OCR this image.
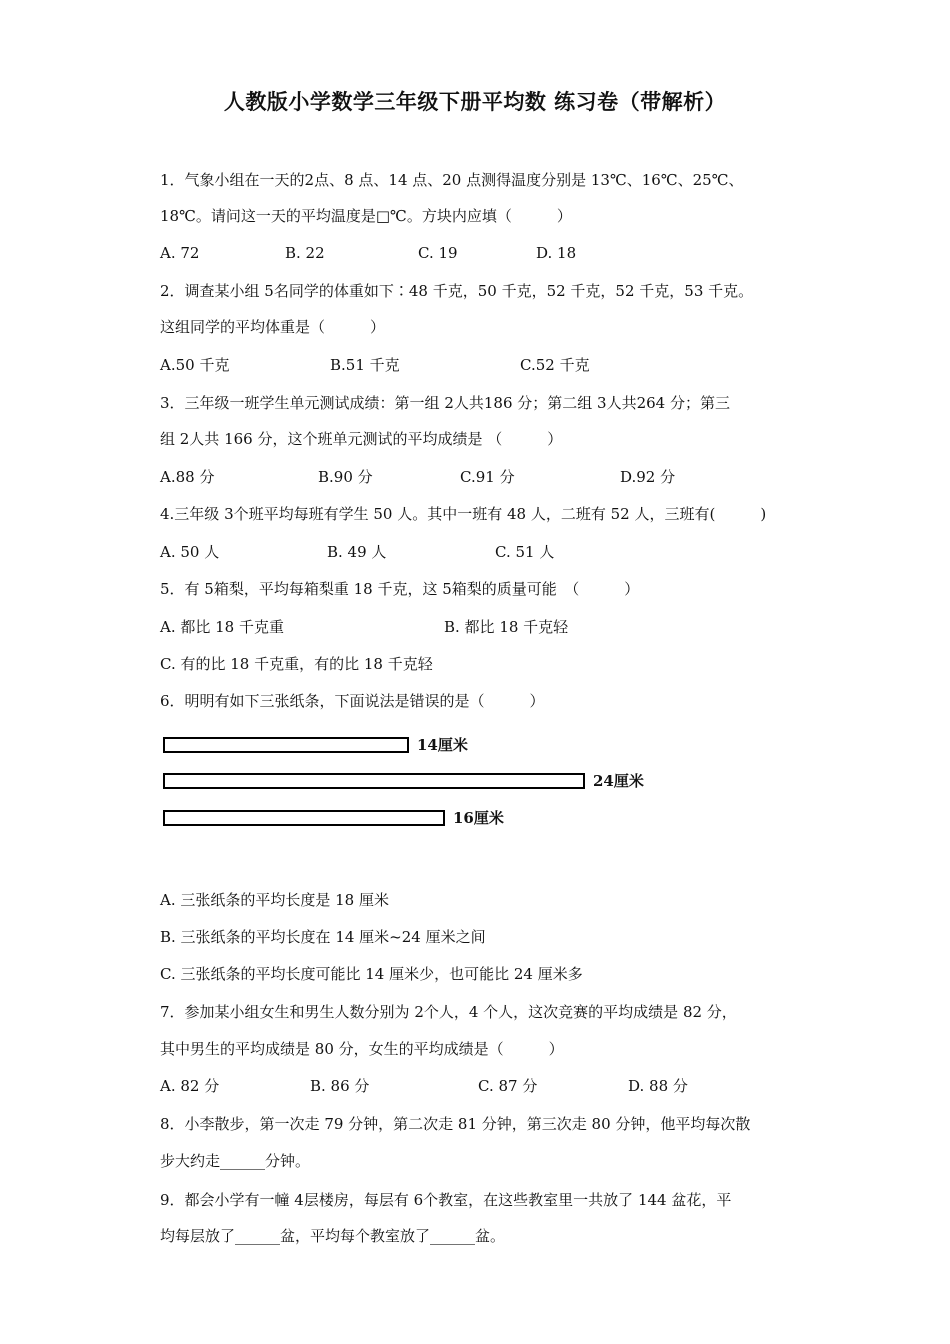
人教版小学数学三年级下册平均数 练习卷（带解析）
1．气象小组在一天的2点、8 点、14 点、20 点测得温度分别是 13℃、16℃、25℃、
18℃。请问这一天的平均温度是□℃。方块内应填（　　　）
A. 72	B. 22	C. 19	D. 18
2．调查某小组 5名同学的体重如下∶48 千克，50 千克，52 千克，52 千克，53 千克。
这组同学的平均体重是（　　　）
A.50 千克	B.51 千克	C.52 千克
3．三年级一班学生单元测试成绩：第一组 2人共186 分；第二组 3人共264 分；第三
组 2人共 166 分，这个班单元测试的平均成绩是 （　　　）
A.88 分	B.90 分	C.91 分	D.92 分
4.三年级 3个班平均每班有学生 50 人。其中一班有 48 人，二班有 52 人，三班有(　　　)
A. 50 人	B. 49 人	C. 51 人
5．有 5箱梨，平均每箱梨重 18 千克，这 5箱梨的质量可能　（　　　）
A. 都比 18 千克重	B. 都比 18 千克轻
C. 有的比 18 千克重，有的比 18 千克轻
6．明明有如下三张纸条，下面说法是错误的是（　　　）
14厘米
24厘米
16厘米
A. 三张纸条的平均长度是 18 厘米
B. 三张纸条的平均长度在 14 厘米~24 厘米之间
C. 三张纸条的平均长度可能比 14 厘米少，也可能比 24 厘米多
7．参加某小组女生和男生人数分别为 2个人，4 个人，这次竞赛的平均成绩是 82 分，
其中男生的平均成绩是 80 分，女生的平均成绩是（　　　）
A. 82 分	B. 86 分	C. 87 分	D. 88 分
8．小李散步，第一次走 79 分钟，第二次走 81 分钟，第三次走 80 分钟，他平均每次散
步大约走______分钟。
9．都会小学有一幢 4层楼房，每层有 6个教室，在这些教室里一共放了 144 盆花，平
均每层放了______盆，平均每个教室放了______盆。
